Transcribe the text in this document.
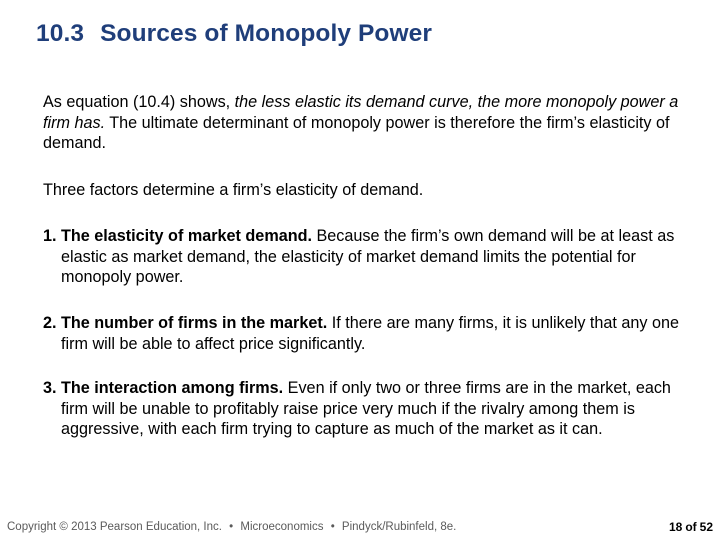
10.3 Sources of Monopoly Power

As equation (10.4) shows, the less elastic its demand curve, the more monopoly power a firm has. The ultimate determinant of monopoly power is therefore the firm’s elasticity of demand.

Three factors determine a firm’s elasticity of demand.

1. The elasticity of market demand. Because the firm’s own demand will be at least as elastic as market demand, the elasticity of market demand limits the potential for monopoly power.

2. The number of firms in the market. If there are many firms, it is unlikely that any one firm will be able to affect price significantly.

3. The interaction among firms. Even if only two or three firms are in the market, each firm will be unable to profitably raise price very much if the rivalry among them is aggressive, with each firm trying to capture as much of the market as it can.

Copyright © 2013 Pearson Education, Inc. • Microeconomics • Pindyck/Rubinfeld, 8e.	18 of 52
